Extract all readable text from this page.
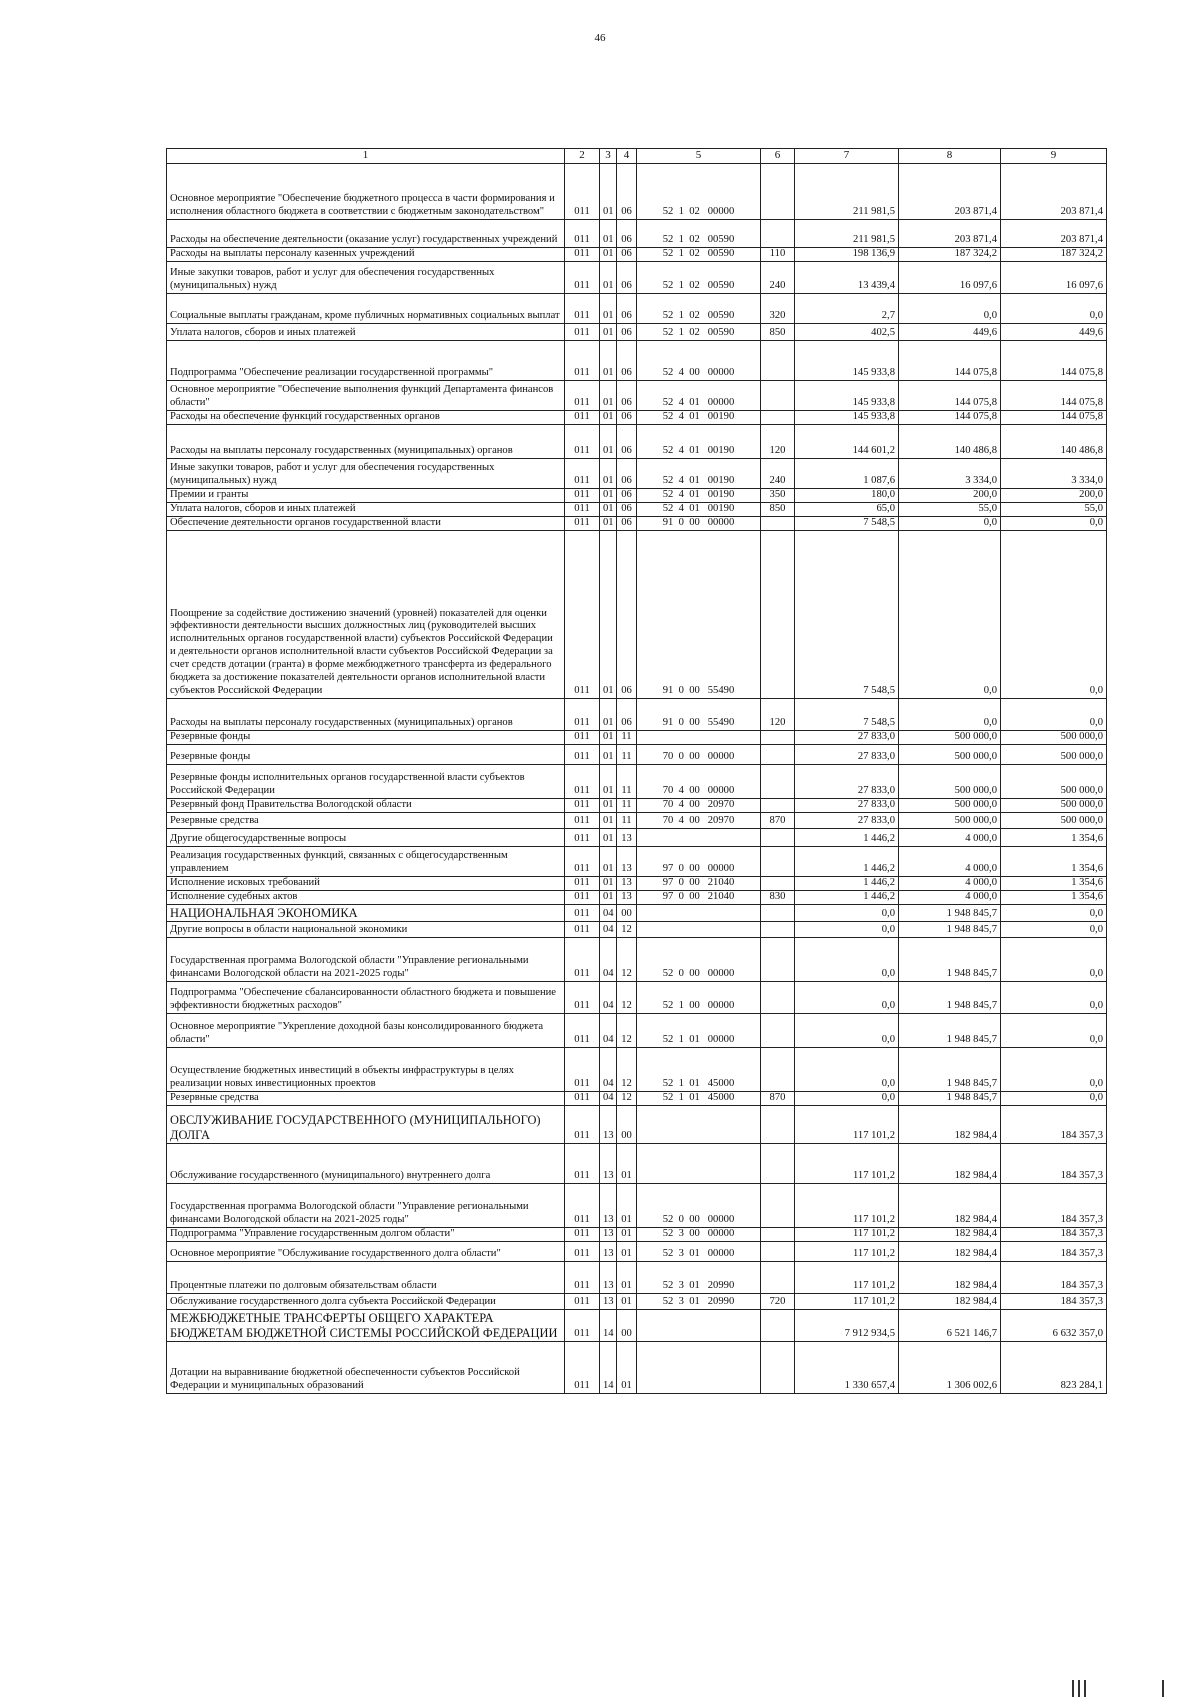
46
1	2	3	4	5	6	7	8	9
Основное мероприятие "Обеспечение бюджетного процесса в части формирования и исполнения областного бюджета в соответствии с бюджетным законодательством"	011	01	06	52  1  02   00000		211 981,5	203 871,4	203 871,4
Расходы на обеспечение деятельности (оказание услуг) государственных учреждений	011	01	06	52  1  02   00590		211 981,5	203 871,4	203 871,4
Расходы на выплаты персоналу казенных учреждений	011	01	06	52  1  02   00590	110	198 136,9	187 324,2	187 324,2
Иные закупки товаров, работ и услуг для обеспечения государственных (муниципальных) нужд	011	01	06	52  1  02   00590	240	13 439,4	16 097,6	16 097,6
Социальные выплаты гражданам, кроме публичных нормативных социальных выплат	011	01	06	52  1  02   00590	320	2,7	0,0	0,0
Уплата налогов, сборов и иных платежей	011	01	06	52  1  02   00590	850	402,5	449,6	449,6
Подпрограмма "Обеспечение реализации государственной программы"	011	01	06	52  4  00   00000		145 933,8	144 075,8	144 075,8
Основное мероприятие "Обеспечение выполнения функций Департамента финансов области"	011	01	06	52  4  01   00000		145 933,8	144 075,8	144 075,8
Расходы на обеспечение функций государственных органов	011	01	06	52  4  01   00190		145 933,8	144 075,8	144 075,8
Расходы на выплаты персоналу государственных (муниципальных) органов	011	01	06	52  4  01   00190	120	144 601,2	140 486,8	140 486,8
Иные закупки товаров, работ и услуг для обеспечения государственных (муниципальных) нужд	011	01	06	52  4  01   00190	240	1 087,6	3 334,0	3 334,0
Премии и гранты	011	01	06	52  4  01   00190	350	180,0	200,0	200,0
Уплата налогов, сборов и иных платежей	011	01	06	52  4  01   00190	850	65,0	55,0	55,0
Обеспечение деятельности органов государственной власти	011	01	06	91  0  00   00000		7 548,5	0,0	0,0
Поощрение за содействие достижению значений (уровней) показателей для оценки эффективности деятельности высших должностных лиц (руководителей высших исполнительных органов государственной власти) субъектов Российской Федерации и деятельности органов исполнительной власти субъектов Российской Федерации за счет средств дотации (гранта) в форме межбюджетного трансферта из федерального бюджета за достижение показателей деятельности органов исполнительной власти субъектов Российской Федерации	011	01	06	91  0  00   55490		7 548,5	0,0	0,0
Расходы на выплаты персоналу государственных (муниципальных) органов	011	01	06	91  0  00   55490	120	7 548,5	0,0	0,0
Резервные фонды	011	01	11			27 833,0	500 000,0	500 000,0
Резервные фонды	011	01	11	70  0  00   00000		27 833,0	500 000,0	500 000,0
Резервные фонды исполнительных органов государственной власти субъектов Российской Федерации	011	01	11	70  4  00   00000		27 833,0	500 000,0	500 000,0
Резервный фонд Правительства Вологодской области	011	01	11	70  4  00   20970		27 833,0	500 000,0	500 000,0
Резервные средства	011	01	11	70  4  00   20970	870	27 833,0	500 000,0	500 000,0
Другие общегосударственные вопросы	011	01	13			1 446,2	4 000,0	1 354,6
Реализация государственных функций, связанных с общегосударственным управлением	011	01	13	97  0  00   00000		1 446,2	4 000,0	1 354,6
Исполнение исковых требований	011	01	13	97  0  00   21040		1 446,2	4 000,0	1 354,6
Исполнение судебных актов	011	01	13	97  0  00   21040	830	1 446,2	4 000,0	1 354,6
НАЦИОНАЛЬНАЯ ЭКОНОМИКА	011	04	00			0,0	1 948 845,7	0,0
Другие вопросы в области национальной экономики	011	04	12			0,0	1 948 845,7	0,0
Государственная программа Вологодской области "Управление региональными финансами Вологодской области на 2021-2025 годы"	011	04	12	52  0  00   00000		0,0	1 948 845,7	0,0
Подпрограмма "Обеспечение сбалансированности областного бюджета и повышение эффективности бюджетных расходов"	011	04	12	52  1  00   00000		0,0	1 948 845,7	0,0
Основное мероприятие "Укрепление доходной базы консолидированного бюджета области"	011	04	12	52  1  01   00000		0,0	1 948 845,7	0,0
Осуществление бюджетных инвестиций в объекты инфраструктуры в целях реализации новых инвестиционных проектов	011	04	12	52  1  01   45000		0,0	1 948 845,7	0,0
Резервные средства	011	04	12	52  1  01   45000	870	0,0	1 948 845,7	0,0
ОБСЛУЖИВАНИЕ ГОСУДАРСТВЕННОГО (МУНИЦИПАЛЬНОГО) ДОЛГА	011	13	00			117 101,2	182 984,4	184 357,3
Обслуживание государственного (муниципального) внутреннего долга	011	13	01			117 101,2	182 984,4	184 357,3
Государственная программа Вологодской области "Управление региональными финансами Вологодской области на 2021-2025 годы"	011	13	01	52  0  00   00000		117 101,2	182 984,4	184 357,3
Подпрограмма "Управление государственным долгом области"	011	13	01	52  3  00   00000		117 101,2	182 984,4	184 357,3
Основное мероприятие "Обслуживание государственного долга области"	011	13	01	52  3  01   00000		117 101,2	182 984,4	184 357,3
Процентные платежи по долговым обязательствам области	011	13	01	52  3  01   20990		117 101,2	182 984,4	184 357,3
Обслуживание государственного долга субъекта Российской Федерации	011	13	01	52  3  01   20990	720	117 101,2	182 984,4	184 357,3
МЕЖБЮДЖЕТНЫЕ ТРАНСФЕРТЫ ОБЩЕГО ХАРАКТЕРА БЮДЖЕТАМ БЮДЖЕТНОЙ СИСТЕМЫ РОССИЙСКОЙ ФЕДЕРАЦИИ	011	14	00			7 912 934,5	6 521 146,7	6 632 357,0
Дотации на выравнивание бюджетной обеспеченности субъектов Российской Федерации и муниципальных образований	011	14	01			1 330 657,4	1 306 002,6	823 284,1
